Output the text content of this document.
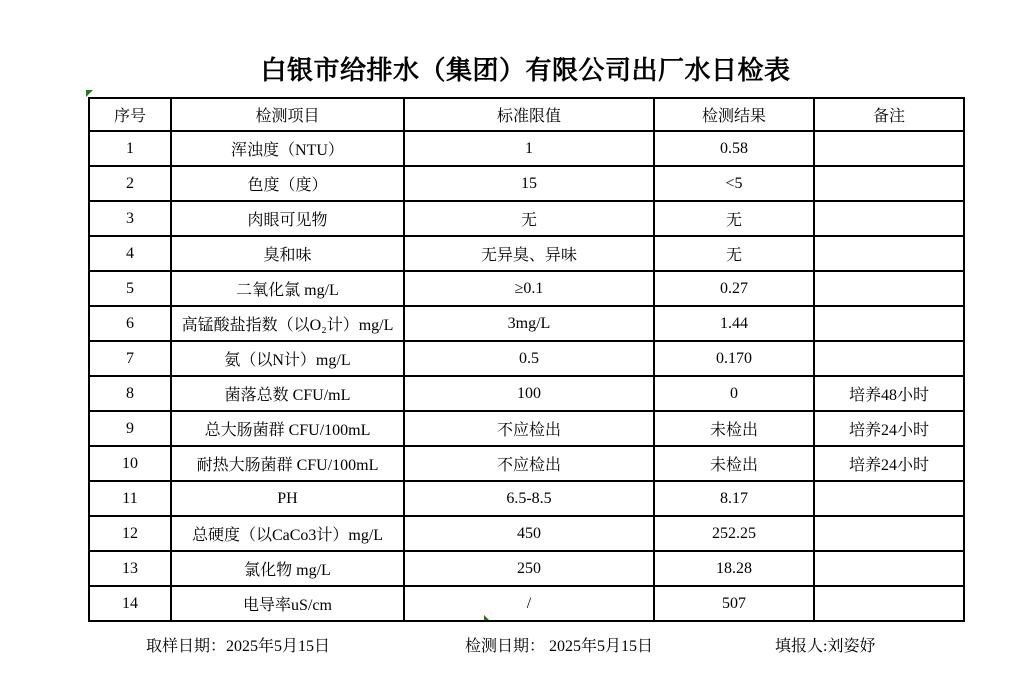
白银市给排水（集团）有限公司出厂水日检表
序号	检测项目	标准限值	检测结果	备注
1	浑浊度（NTU）	1	0.58	
2	色度（度）	15	<5	
3	肉眼可见物	无	无	
4	臭和味	无异臭、异味	无	
5	二氧化氯 mg/L	≥0.1	0.27	
6	高锰酸盐指数（以O₂计）mg/L	3mg/L	1.44	
7	氨（以N计）mg/L	0.5	0.170	
8	菌落总数 CFU/mL	100	0	培养48小时
9	总大肠菌群 CFU/100mL	不应检出	未检出	培养24小时
10	耐热大肠菌群 CFU/100mL	不应检出	未检出	培养24小时
11	PH	6.5-8.5	8.17	
12	总硬度（以CaCo3计）mg/L	450	252.25	
13	氯化物 mg/L	250	18.28	
14	电导率uS/cm	/	507	
取样日期：2025年5月15日	检测日期： 2025年5月15日	填报人:刘姿妤
